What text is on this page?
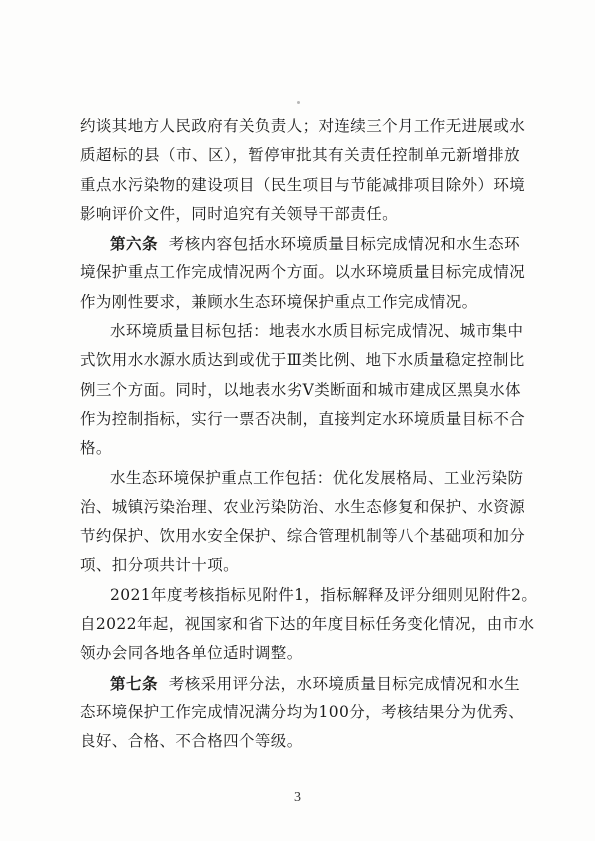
约谈其地方人民政府有关负责人；对连续三个月工作无进展或水
质超标的县（市、区），暂停审批其有关责任控制单元新增排放
重点水污染物的建设项目（民生项目与节能减排项目除外）环境
影响评价文件，同时追究有关领导干部责任。
第六条 考核内容包括水环境质量目标完成情况和水生态环
境保护重点工作完成情况两个方面。以水环境质量目标完成情况
作为刚性要求，兼顾水生态环境保护重点工作完成情况。
水环境质量目标包括：地表水水质目标完成情况、城市集中
式饮用水水源水质达到或优于Ⅲ类比例、地下水质量稳定控制比
例三个方面。同时，以地表水劣Ⅴ类断面和城市建成区黑臭水体
作为控制指标，实行一票否决制，直接判定水环境质量目标不合
格。
水生态环境保护重点工作包括：优化发展格局、工业污染防
治、城镇污染治理、农业污染防治、水生态修复和保护、水资源
节约保护、饮用水安全保护、综合管理机制等八个基础项和加分
项、扣分项共计十项。
2021年度考核指标见附件1，指标解释及评分细则见附件2。
自2022年起，视国家和省下达的年度目标任务变化情况，由市水
领办会同各地各单位适时调整。
第七条 考核采用评分法，水环境质量目标完成情况和水生
态环境保护工作完成情况满分均为100分，考核结果分为优秀、
良好、合格、不合格四个等级。
3
